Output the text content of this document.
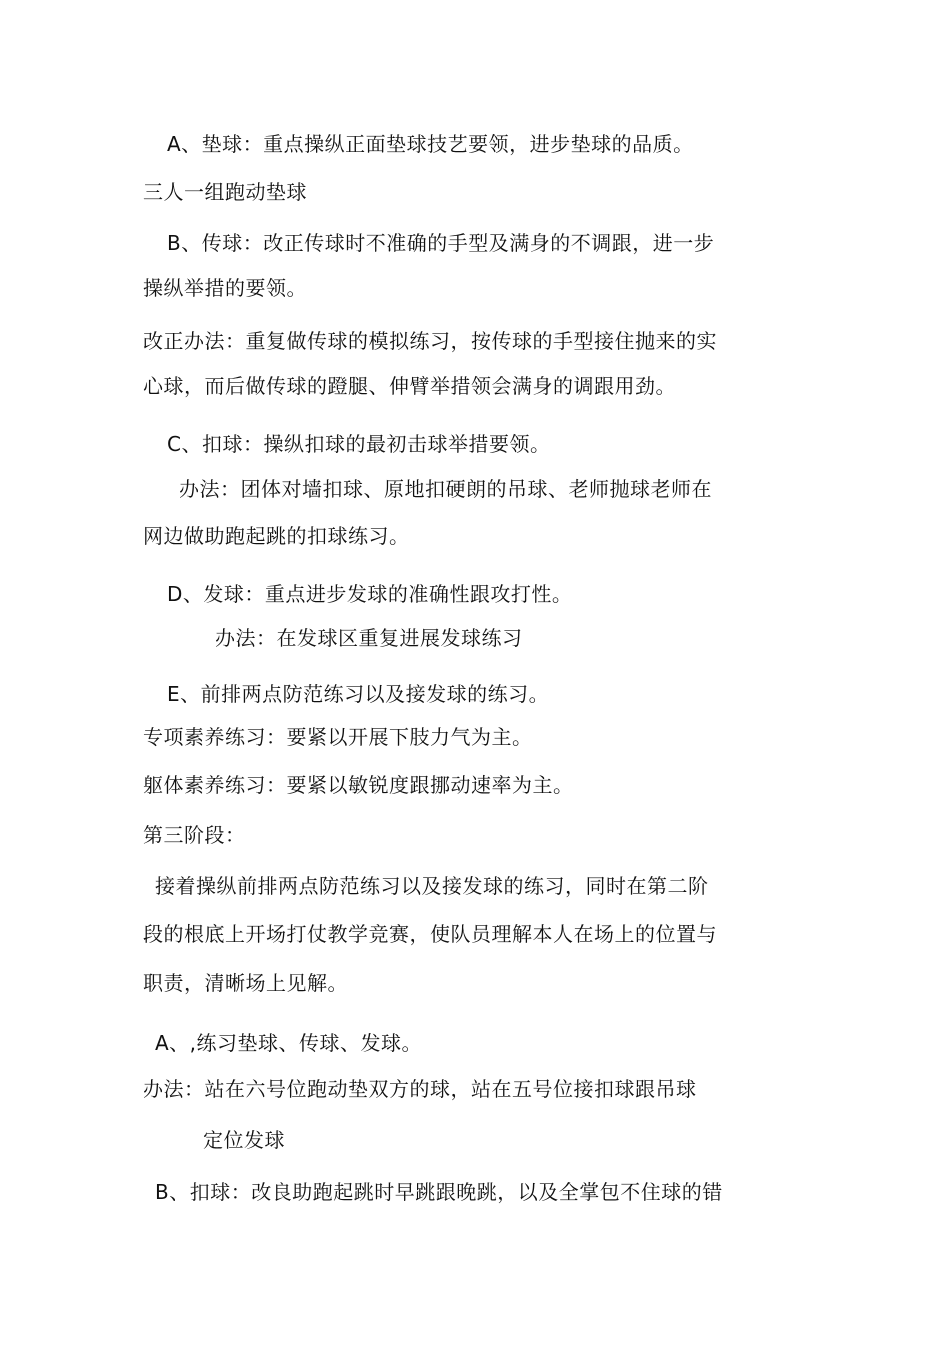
A、垫球：重点操纵正面垫球技艺要领，进步垫球的品质。
三人一组跑动垫球
B、传球：改正传球时不准确的手型及满身的不调跟，进一步
操纵举措的要领。
改正办法：重复做传球的模拟练习，按传球的手型接住抛来的实
心球，而后做传球的蹬腿、伸臂举措领会满身的调跟用劲。
C、扣球：操纵扣球的最初击球举措要领。
办法：团体对墙扣球、原地扣硬朗的吊球、老师抛球老师在
网边做助跑起跳的扣球练习。
D、发球：重点进步发球的准确性跟攻打性。
办法：在发球区重复进展发球练习
E、前排两点防范练习以及接发球的练习。
专项素养练习：要紧以开展下肢力气为主。
躯体素养练习：要紧以敏锐度跟挪动速率为主。
第三阶段：
接着操纵前排两点防范练习以及接发球的练习，同时在第二阶
段的根底上开场打仗教学竞赛，使队员理解本人在场上的位置与
职责，清晰场上见解。
A、,练习垫球、传球、发球。
办法：站在六号位跑动垫双方的球，站在五号位接扣球跟吊球
定位发球
B、扣球：改良助跑起跳时早跳跟晚跳，以及全掌包不住球的错
